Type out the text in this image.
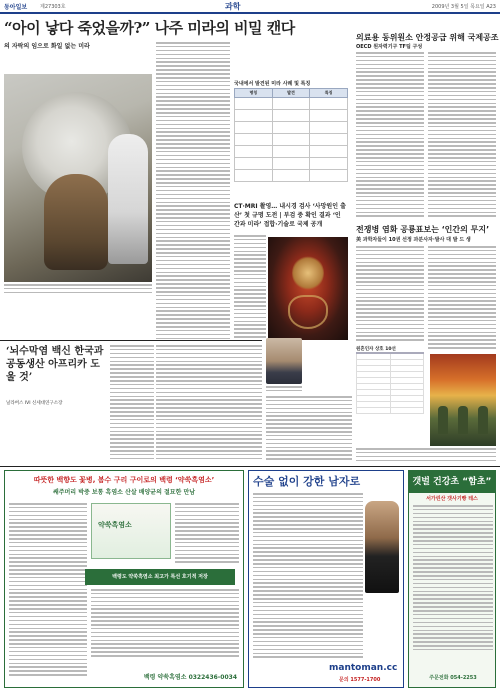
동아일보	제27303호	과학	2009년 3월 5일 목요일 A23
“아이 낳다 죽었을까?” 나주 미라의 비밀 캔다
의 자락의 임으로 화일 없는 미라
국내에서 발견된 미라 사례 및 특징
명칭	발견	특징

CT·MRI 촬영… 내시경 검사 ‘사망원인 출산’ 첫 규명 도전 | 부검 중 확인 결과 ‘인간과 미라’ 접합·기술로 국제 공개
의료용 동위원소 안정공급 위해 국제공조
OECD 원자력기구 TF팀 구성
전쟁병 염화 공룡표보는 ‘인간의 무지’
美 과학자들이 10권 선정 과분사자·발사 대 발 드 생
원흔인자 상호 10선

‘뇌수막염 백신 한국과 공동생산 아프리카 도울 것’
닐라버스 IVI 신세대연구소장
따뜻한 백향도 꽃병, 봄수 구리 구이로의 백령 ‘약쑥흑염소’
쌔주머리 박중 보통 흑염소 산살 배양균의 절묘한 만남
약쑥흑염소
백령도 약쑥흑염소 최고가 특선 호기적 저장
백령 약쑥흑염소 0322436-0034
수술 없이 강한 남자로
mantoman.cc
문의 1577-1700
갯벌 건강초 “함초”
서가린산 갯사기빵 테스
주문전화 054-2253
